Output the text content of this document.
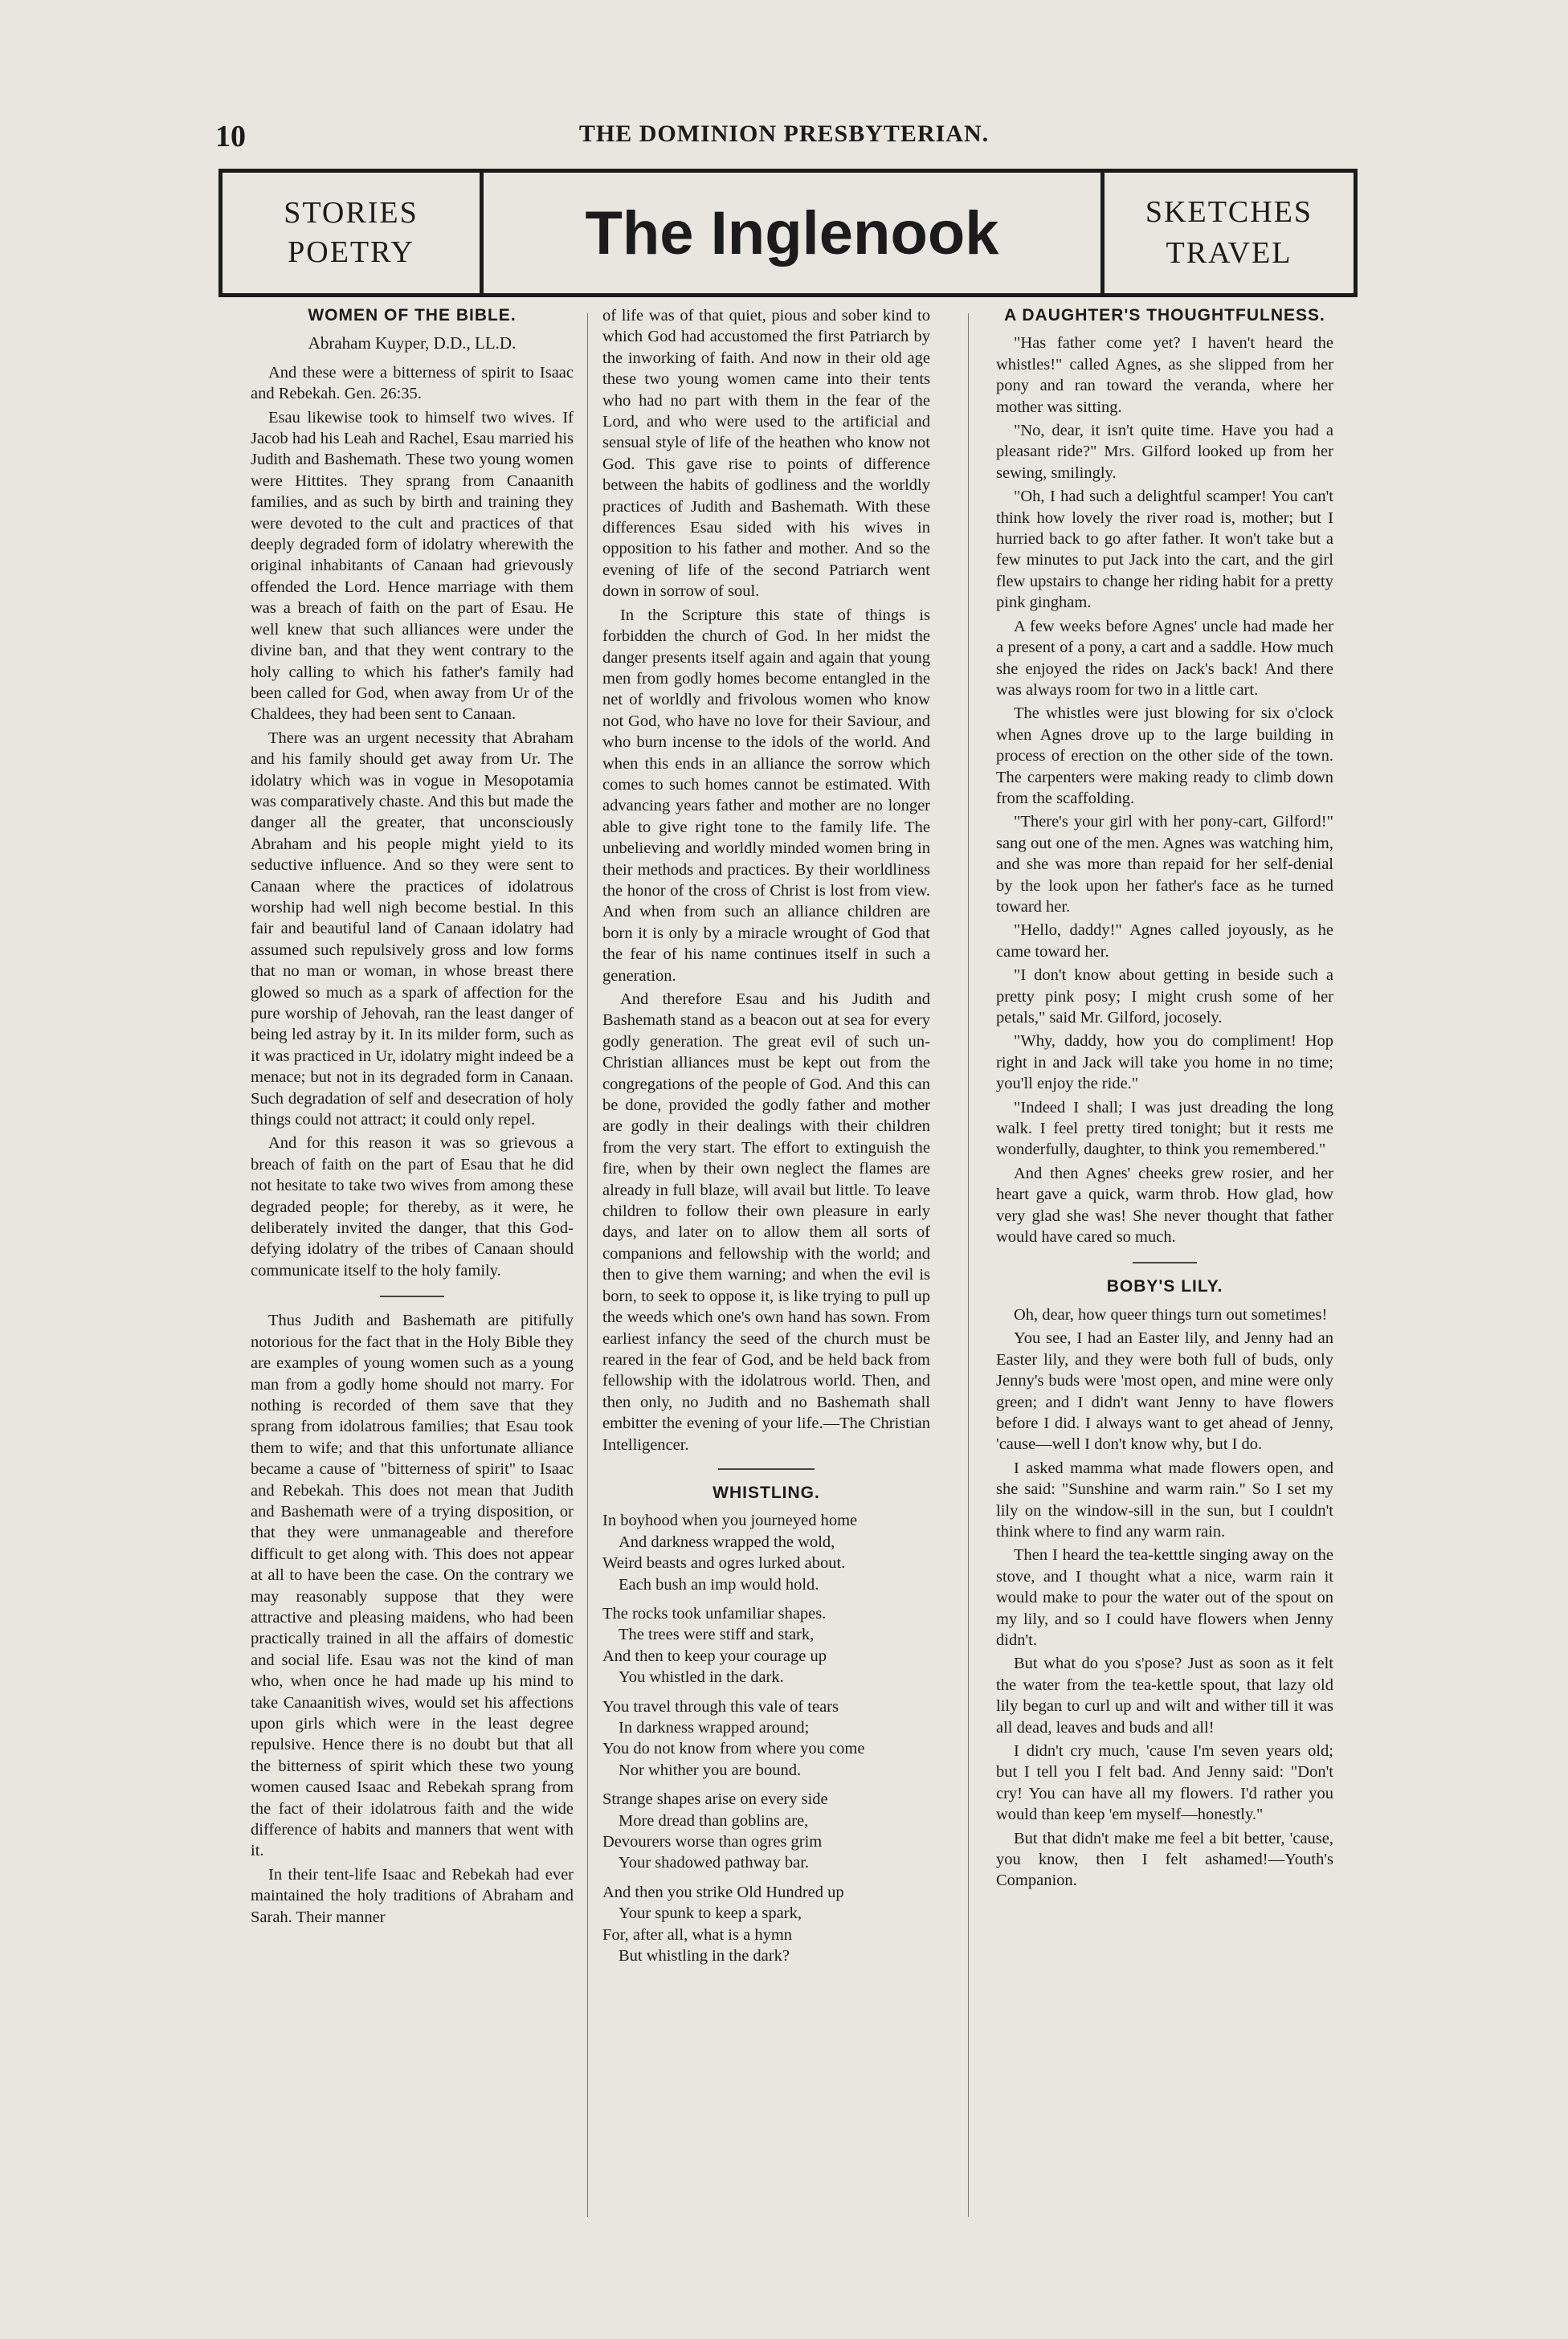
10	THE DOMINION PRESBYTERIAN.
STORIES
POETRY	The Inglenook	SKETCHES
TRAVEL
WOMEN OF THE BIBLE.

Abraham Kuyper, D.D., LL.D.

And these were a bitterness of spirit to Isaac and Rebekah. Gen. 26:35.

Esau likewise took to himself two wives. If Jacob had his Leah and Rachel, Esau married his Judith and Bashemath. These two young women were Hittites. They sprang from Canaanith families, and as such by birth and training they were devoted to the cult and practices of that deeply degraded form of idolatry wherewith the original inhabitants of Canaan had grievously offended the Lord. Hence marriage with them was a breach of faith on the part of Esau. He well knew that such alliances were under the divine ban, and that they went contrary to the holy calling to which his father's family had been called for God, when away from Ur of the Chaldees, they had been sent to Canaan.

There was an urgent necessity that Abraham and his family should get away from Ur. The idolatry which was in vogue in Mesopotamia was comparatively chaste. And this but made the danger all the greater, that unconsciously Abraham and his people might yield to its seductive influence. And so they were sent to Canaan where the practices of idolatrous worship had well nigh become bestial. In this fair and beautiful land of Canaan idolatry had assumed such repulsively gross and low forms that no man or woman, in whose breast there glowed so much as a spark of affection for the pure worship of Jehovah, ran the least danger of being led astray by it. In its milder form, such as it was practiced in Ur, idolatry might indeed be a menace; but not in its degraded form in Canaan. Such degradation of self and desecration of holy things could not attract; it could only repel.

And for this reason it was so grievous a breach of faith on the part of Esau that he did not hesitate to take two wives from among these degraded people; for thereby, as it were, he deliberately invited the danger, that this God-defying idolatry of the tribes of Canaan should communicate itself to the holy family.

Thus Judith and Bashemath are pitifully notorious for the fact that in the Holy Bible they are examples of young women such as a young man from a godly home should not marry. For nothing is recorded of them save that they sprang from idolatrous families; that Esau took them to wife; and that this unfortunate alliance became a cause of "bitterness of spirit" to Isaac and Rebekah. This does not mean that Judith and Bashemath were of a trying disposition, or that they were unmanageable and therefore difficult to get along with. This does not appear at all to have been the case. On the contrary we may reasonably suppose that they were attractive and pleasing maidens, who had been practically trained in all the affairs of domestic and social life. Esau was not the kind of man who, when once he had made up his mind to take Canaanitish wives, would set his affections upon girls which were in the least degree repulsive. Hence there is no doubt but that all the bitterness of spirit which these two young women caused Isaac and Rebekah sprang from the fact of their idolatrous faith and the wide difference of habits and manners that went with it.

In their tent-life Isaac and Rebekah had ever maintained the holy traditions of Abraham and Sarah. Their manner

of life was of that quiet, pious and sober kind to which God had accustomed the first Patriarch by the inworking of faith. And now in their old age these two young women came into their tents who had no part with them in the fear of the Lord, and who were used to the artificial and sensual style of life of the heathen who know not God. This gave rise to points of difference between the habits of godliness and the worldly practices of Judith and Bashemath. With these differences Esau sided with his wives in opposition to his father and mother. And so the evening of life of the second Patriarch went down in sorrow of soul.

In the Scripture this state of things is forbidden the church of God. In her midst the danger presents itself again and again that young men from godly homes become entangled in the net of worldly and frivolous women who know not God, who have no love for their Saviour, and who burn incense to the idols of the world. And when this ends in an alliance the sorrow which comes to such homes cannot be estimated. With advancing years father and mother are no longer able to give right tone to the family life. The unbelieving and worldly minded women bring in their methods and practices. By their worldliness the honor of the cross of Christ is lost from view. And when from such an alliance children are born it is only by a miracle wrought of God that the fear of his name continues itself in such a generation.

And therefore Esau and his Judith and Bashemath stand as a beacon out at sea for every godly generation. The great evil of such un-Christian alliances must be kept out from the congregations of the people of God. And this can be done, provided the godly father and mother are godly in their dealings with their children from the very start. The effort to extinguish the fire, when by their own neglect the flames are already in full blaze, will avail but little. To leave children to follow their own pleasure in early days, and later on to allow them all sorts of companions and fellowship with the world; and then to give them warning; and when the evil is born, to seek to oppose it, is like trying to pull up the weeds which one's own hand has sown. From earliest infancy the seed of the church must be reared in the fear of God, and be held back from fellowship with the idolatrous world. Then, and then only, no Judith and no Bashemath shall embitter the evening of your life.—The Christian Intelligencer.

WHISTLING.
In boyhood when you journeyed home
And darkness wrapped the wold,
Weird beasts and ogres lurked about.
Each bush an imp would hold.
The rocks took unfamiliar shapes.
The trees were stiff and stark,
And then to keep your courage up
You whistled in the dark.
You travel through this vale of tears
In darkness wrapped around;
You do not know from where you come
Nor whither you are bound.
Strange shapes arise on every side
More dread than goblins are,
Devourers worse than ogres grim
Your shadowed pathway bar.
And then you strike Old Hundred up
Your spunk to keep a spark,
For, after all, what is a hymn
But whistling in the dark?
A DAUGHTER'S THOUGHTFULNESS.

"Has father come yet? I haven't heard the whistles!" called Agnes, as she slipped from her pony and ran toward the veranda, where her mother was sitting.

"No, dear, it isn't quite time. Have you had a pleasant ride?" Mrs. Gilford looked up from her sewing, smilingly.

"Oh, I had such a delightful scamper! You can't think how lovely the river road is, mother; but I hurried back to go after father. It won't take but a few minutes to put Jack into the cart, and the girl flew upstairs to change her riding habit for a pretty pink gingham.

A few weeks before Agnes' uncle had made her a present of a pony, a cart and a saddle. How much she enjoyed the rides on Jack's back! And there was always room for two in a little cart.

The whistles were just blowing for six o'clock when Agnes drove up to the large building in process of erection on the other side of the town. The carpenters were making ready to climb down from the scaffolding.

"There's your girl with her pony-cart, Gilford!" sang out one of the men. Agnes was watching him, and she was more than repaid for her self-denial by the look upon her father's face as he turned toward her.

"Hello, daddy!" Agnes called joyously, as he came toward her.

"I don't know about getting in beside such a pretty pink posy; I might crush some of her petals," said Mr. Gilford, jocosely.

"Why, daddy, how you do compliment! Hop right in and Jack will take you home in no time; you'll enjoy the ride."

"Indeed I shall; I was just dreading the long walk. I feel pretty tired tonight; but it rests me wonderfully, daughter, to think you remembered."

And then Agnes' cheeks grew rosier, and her heart gave a quick, warm throb. How glad, how very glad she was! She never thought that father would have cared so much.

BOBY'S LILY.

Oh, dear, how queer things turn out sometimes!

You see, I had an Easter lily, and Jenny had an Easter lily, and they were both full of buds, only Jenny's buds were 'most open, and mine were only green; and I didn't want Jenny to have flowers before I did. I always want to get ahead of Jenny, 'cause—well I don't know why, but I do.

I asked mamma what made flowers open, and she said: "Sunshine and warm rain." So I set my lily on the window-sill in the sun, but I couldn't think where to find any warm rain.

Then I heard the tea-ketttle singing away on the stove, and I thought what a nice, warm rain it would make to pour the water out of the spout on my lily, and so I could have flowers when Jenny didn't.

But what do you s'pose? Just as soon as it felt the water from the tea-kettle spout, that lazy old lily began to curl up and wilt and wither till it was all dead, leaves and buds and all!

I didn't cry much, 'cause I'm seven years old; but I tell you I felt bad. And Jenny said: "Don't cry! You can have all my flowers. I'd rather you would than keep 'em myself—honestly."

But that didn't make me feel a bit better, 'cause, you know, then I felt ashamed!—Youth's Companion.
